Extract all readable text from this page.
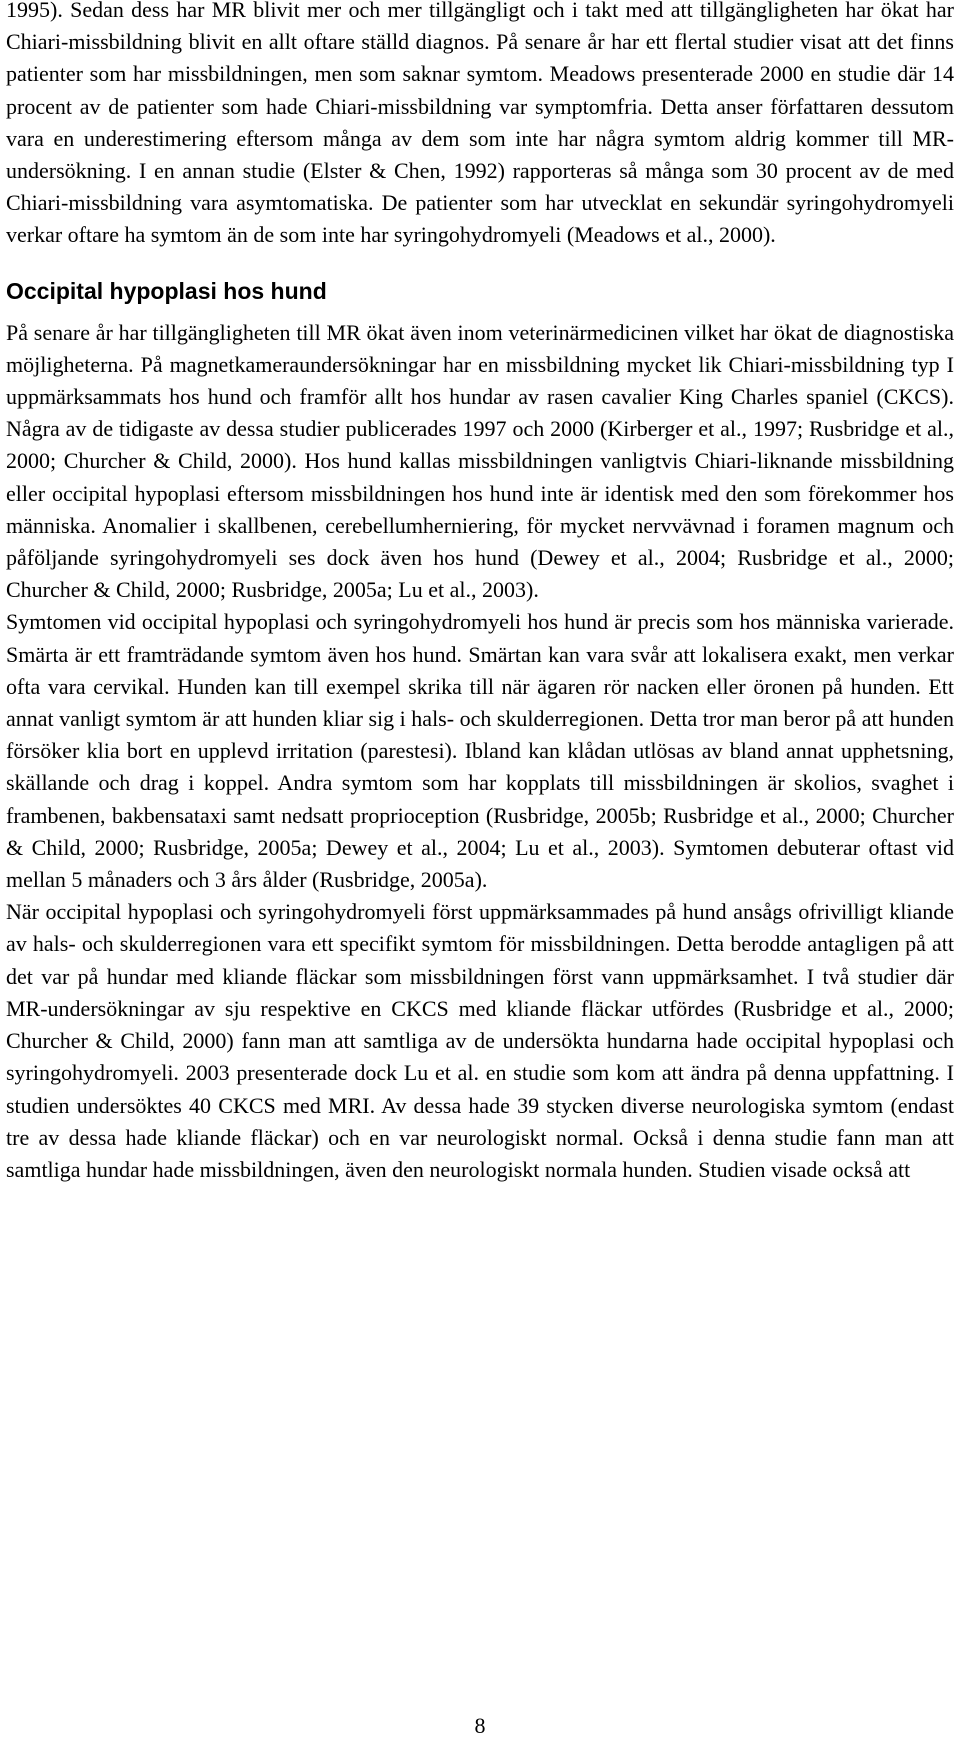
1995). Sedan dess har MR blivit mer och mer tillgängligt och i takt med att tillgängligheten har ökat har Chiari-missbildning blivit en allt oftare ställd diagnos. På senare år har ett flertal studier visat att det finns patienter som har missbildningen, men som saknar symtom. Meadows presenterade 2000 en studie där 14 procent av de patienter som hade Chiari-missbildning var symptomfria. Detta anser författaren dessutom vara en underestimering eftersom många av dem som inte har några symtom aldrig kommer till MR-undersökning. I en annan studie (Elster & Chen, 1992) rapporteras så många som 30 procent av de med Chiari-missbildning vara asymtomatiska. De patienter som har utvecklat en sekundär syringohydromyeli verkar oftare ha symtom än de som inte har syringohydromyeli (Meadows et al., 2000).

Occipital hypoplasi hos hund

På senare år har tillgängligheten till MR ökat även inom veterinärmedicinen vilket har ökat de diagnostiska möjligheterna. På magnetkameraundersökningar har en missbildning mycket lik Chiari-missbildning typ I uppmärksammats hos hund och framför allt hos hundar av rasen cavalier King Charles spaniel (CKCS). Några av de tidigaste av dessa studier publicerades 1997 och 2000 (Kirberger et al., 1997; Rusbridge et al., 2000; Churcher & Child, 2000). Hos hund kallas missbildningen vanligtvis Chiari-liknande missbildning eller occipital hypoplasi eftersom missbildningen hos hund inte är identisk med den som förekommer hos människa. Anomalier i skallbenen, cerebellumherniering, för mycket nervvävnad i foramen magnum och påföljande syringohydromyeli ses dock även hos hund (Dewey et al., 2004; Rusbridge et al., 2000; Churcher & Child, 2000; Rusbridge, 2005a; Lu et al., 2003).

Symtomen vid occipital hypoplasi och syringohydromyeli hos hund är precis som hos människa varierade. Smärta är ett framträdande symtom även hos hund. Smärtan kan vara svår att lokalisera exakt, men verkar ofta vara cervikal. Hunden kan till exempel skrika till när ägaren rör nacken eller öronen på hunden. Ett annat vanligt symtom är att hunden kliar sig i hals- och skulderregionen. Detta tror man beror på att hunden försöker klia bort en upplevd irritation (parestesi). Ibland kan klådan utlösas av bland annat upphetsning, skällande och drag i koppel. Andra symtom som har kopplats till missbildningen är skolios, svaghet i frambenen, bakbensataxi samt nedsatt proprioception (Rusbridge, 2005b; Rusbridge et al., 2000; Churcher & Child, 2000; Rusbridge, 2005a; Dewey et al., 2004; Lu et al., 2003). Symtomen debuterar oftast vid mellan 5 månaders och 3 års ålder (Rusbridge, 2005a).

När occipital hypoplasi och syringohydromyeli först uppmärksammades på hund ansågs ofrivilligt kliande av hals- och skulderregionen vara ett specifikt symtom för missbildningen. Detta berodde antagligen på att det var på hundar med kliande fläckar som missbildningen först vann uppmärksamhet. I två studier där MR-undersökningar av sju respektive en CKCS med kliande fläckar utfördes (Rusbridge et al., 2000; Churcher & Child, 2000) fann man att samtliga av de undersökta hundarna hade occipital hypoplasi och syringohydromyeli. 2003 presenterade dock Lu et al. en studie som kom att ändra på denna uppfattning. I studien undersöktes 40 CKCS med MRI. Av dessa hade 39 stycken diverse neurologiska symtom (endast tre av dessa hade kliande fläckar) och en var neurologiskt normal. Också i denna studie fann man att samtliga hundar hade missbildningen, även den neurologiskt normala hunden. Studien visade också att

8
